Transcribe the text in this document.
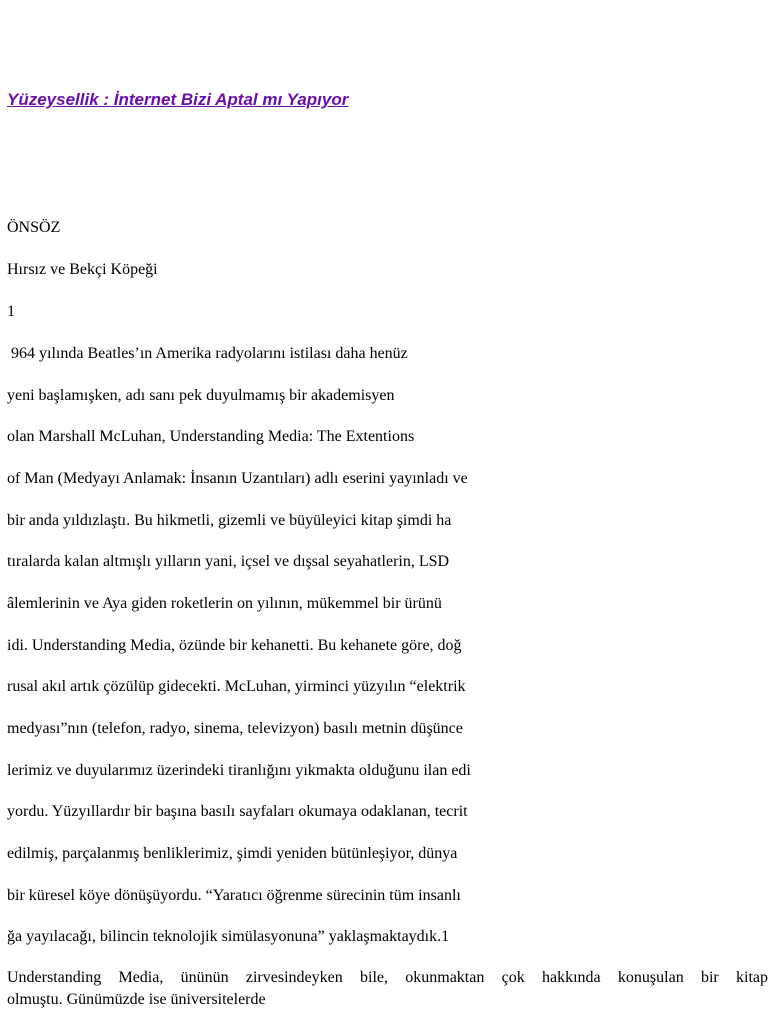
Yüzeysellik : İnternet Bizi Aptal mı Yapıyor
ÖNSÖZ
Hırsız ve Bekçi Köpeği
1
964 yılında Beatles’ın Amerika radyolarını istilası daha henüz
yeni başlamışken, adı sanı pek duyulmamış bir akademisyen
olan Marshall McLuhan, Understanding Media: The Extentions
of Man (Medyayı Anlamak: İnsanın Uzantıları) adlı eserini yayınladı ve
bir anda yıldızlaştı. Bu hikmetli, gizemli ve büyüleyici kitap şimdi ha
tıralarda kalan altmışlı yılların yani, içsel ve dışsal seyahatlerin, LSD
âlemlerinin ve Aya giden roketlerin on yılının, mükemmel bir ürünü
idi. Understanding Media, özünde bir kehanetti. Bu kehanete göre, doğ
rusal akıl artık çözülüp gidecekti. McLuhan, yirminci yüzyılın “elektrik
medyası”nın (telefon, radyo, sinema, televizyon) basılı metnin düşünce
lerimiz ve duyularımız üzerindeki tiranlığını yıkmakta olduğunu ilan edi
yordu. Yüzyıllardır bir başına basılı sayfaları okumaya odaklanan, tecrit
edilmiş, parçalanmış benliklerimiz, şimdi yeniden bütünleşiyor, dünya
bir küresel köye dönüşüyordu. “Yaratıcı öğrenme sürecinin tüm insanlı
ğa yayılacağı, bilincin teknolojik simülasyonuna” yaklaşmaktaydık.1
Understanding Media, ününün zirvesindeyken bile, okunmaktan çok hakkında konuşulan bir kitap
olmuştu. Günümüzde ise üniversitelerde
